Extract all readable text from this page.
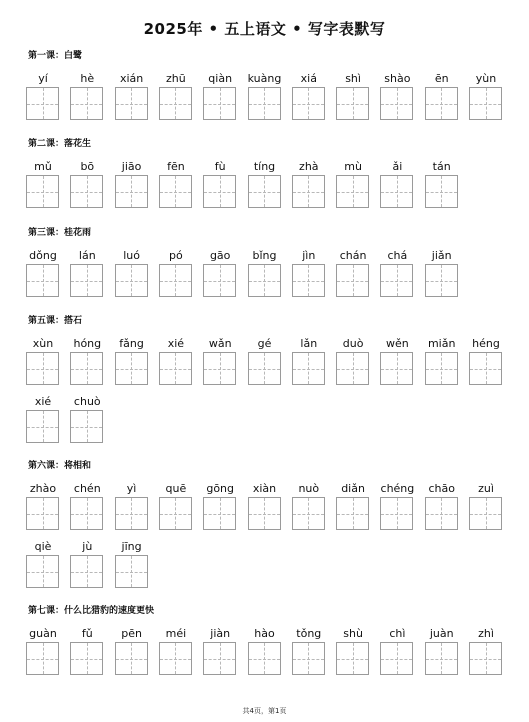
2025年 • 五上语文 • 写字表默写
第一课：白鹭
yí	hè	xián	zhū	qiàn	kuàng	xiá	shì	shào	ēn	yùn
第二课：落花生
mǔ	bō	jiāo	fēn	fù	tíng	zhà	mù	ǎi	tán
第三课：桂花雨
dǒng	lán	luó	pó	gāo	bǐng	jìn	chán	chá	jiǎn
第五课：搭石
xùn	hóng	fǎng	xié	wǎn	gé	lǎn	duò	wěn	miǎn	héng
xié	chuò
第六课：将相和
zhào	chén	yì	quē	gōng	xiàn	nuò	diǎn	chéng	chāo	zuì
qiè	jù	jīng
第七课：什么比猎豹的速度更快
guàn	fǔ	pēn	méi	jiàn	hào	tǒng	shù	chì	juàn	zhì
共4页，第1页
